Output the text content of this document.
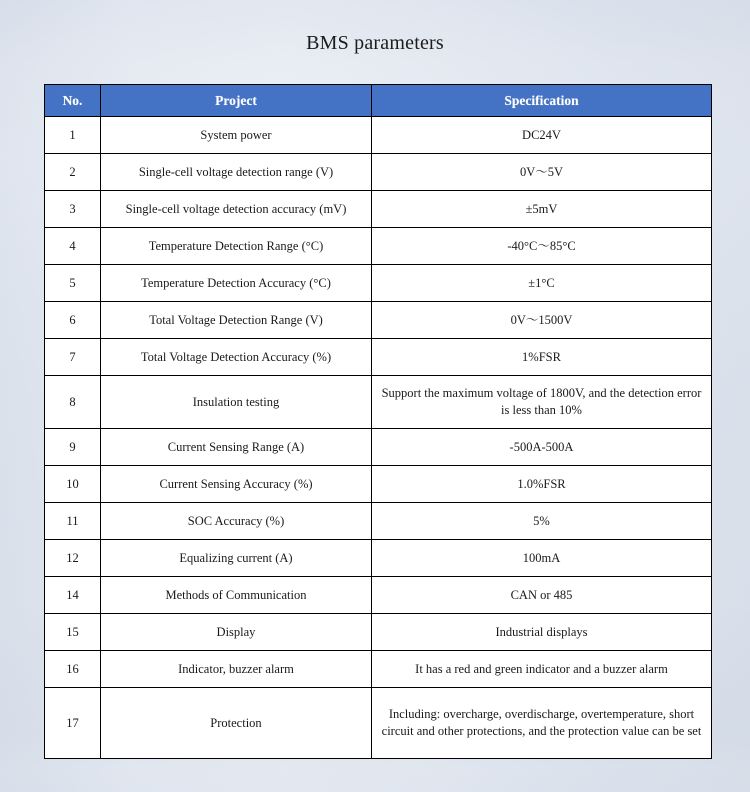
BMS parameters
No.	Project	Specification
1	System power	DC24V
2	Single-cell voltage detection range (V)	0V～5V
3	Single-cell voltage detection accuracy (mV)	±5mV
4	Temperature Detection Range (°C)	-40°C～85°C
5	Temperature Detection Accuracy (°C)	±1°C
6	Total Voltage Detection Range (V)	0V～1500V
7	Total Voltage Detection Accuracy (%)	1%FSR
8	Insulation testing	Support the maximum voltage of 1800V, and the detection error is less than 10%
9	Current Sensing Range (A)	-500A-500A
10	Current Sensing Accuracy (%)	1.0%FSR
11	SOC Accuracy (%)	5%
12	Equalizing current (A)	100mA
14	Methods of Communication	CAN or 485
15	Display	Industrial displays
16	Indicator, buzzer alarm	It has a red and green indicator and a buzzer alarm
17	Protection	Including: overcharge, overdischarge, overtemperature, short circuit and other protections, and the protection value can be set
